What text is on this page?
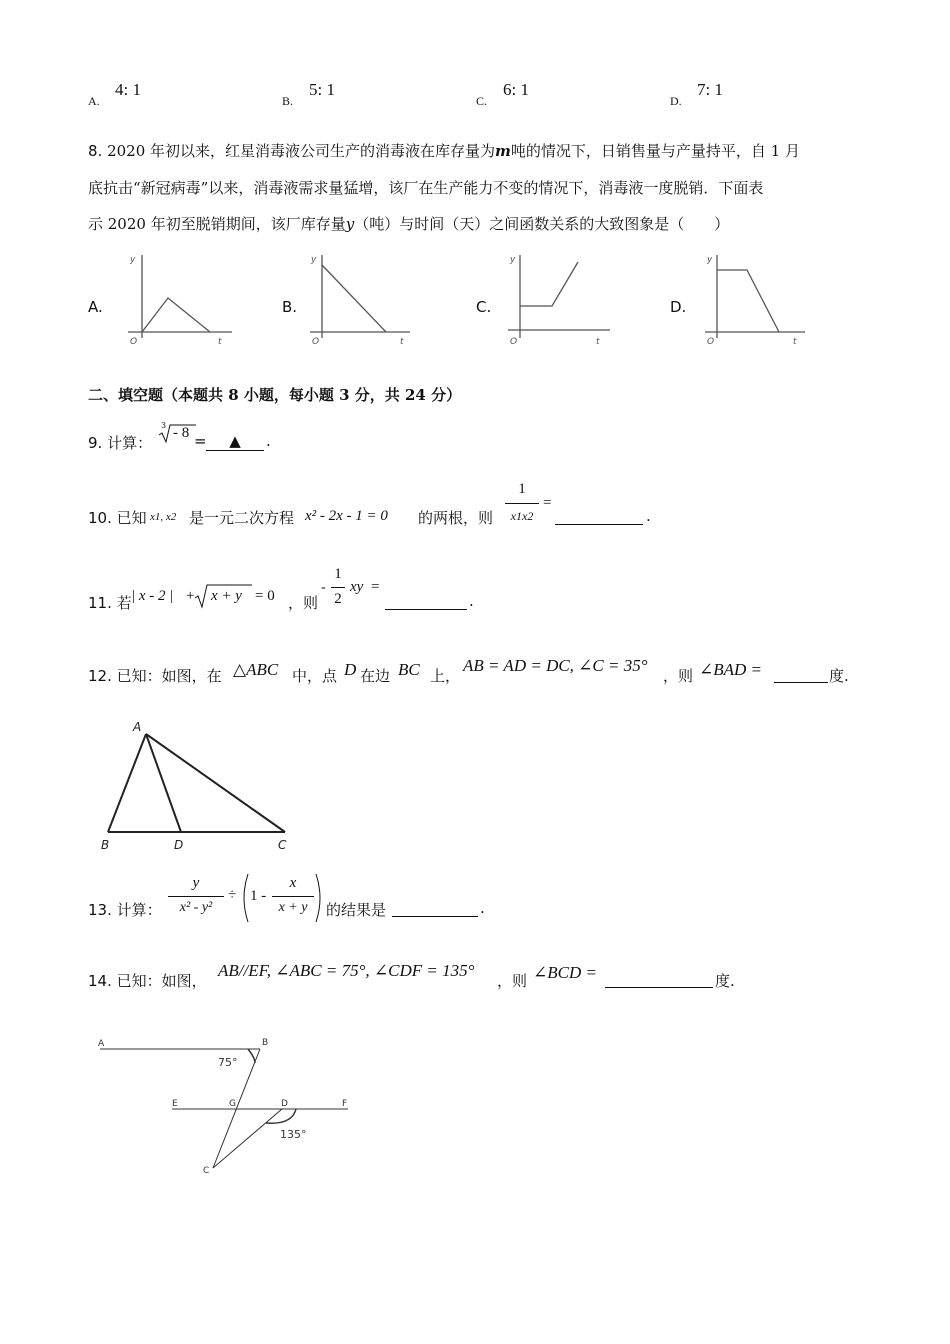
A.
4: 1
B.
5: 1
C.
6: 1
D.
7: 1
8. 2020 年初以来，红星消毒液公司生产的消毒液在库存量为m吨的情况下，日销售量与产量持平，自 1 月
底抗击“新冠病毒”以来，消毒液需求量猛增，该厂在生产能力不变的情况下，消毒液一度脱销．下面表
示 2020 年初至脱销期间，该厂库存量y（吨）与时间（天）之间函数关系的大致图象是（　　）
A.	B.	C.	D.
y
O	t
y
O	t
y
O	t
y
O	t
二、填空题（本题共 8 小题，每小题 3 分，共 24 分）
9. 计算：
3 - 8 =	▲	.
10. 已知 x1, x2 是一元二次方程 x² - 2x - 1 = 0 的两根，则
1
x1x2
=
.
11. 若 | x - 2 | + x + y = 0 ，则
-
1
2
xy =
.
12. 已知：如图，在 △ABC 中，点 D 在边 BC 上，
AB = AD = DC, ∠C = 35°
，则 ∠BAD =	度.
A
B	D	C
13. 计算：
y
x² - y²
÷ 1 -
x
x + y	的结果是	.
14. 已知：如图，
AB//EF, ∠ABC = 75°, ∠CDF = 135°
，则 ∠BCD =	度.
A	B
E	G	D	F
C
75°
135°
